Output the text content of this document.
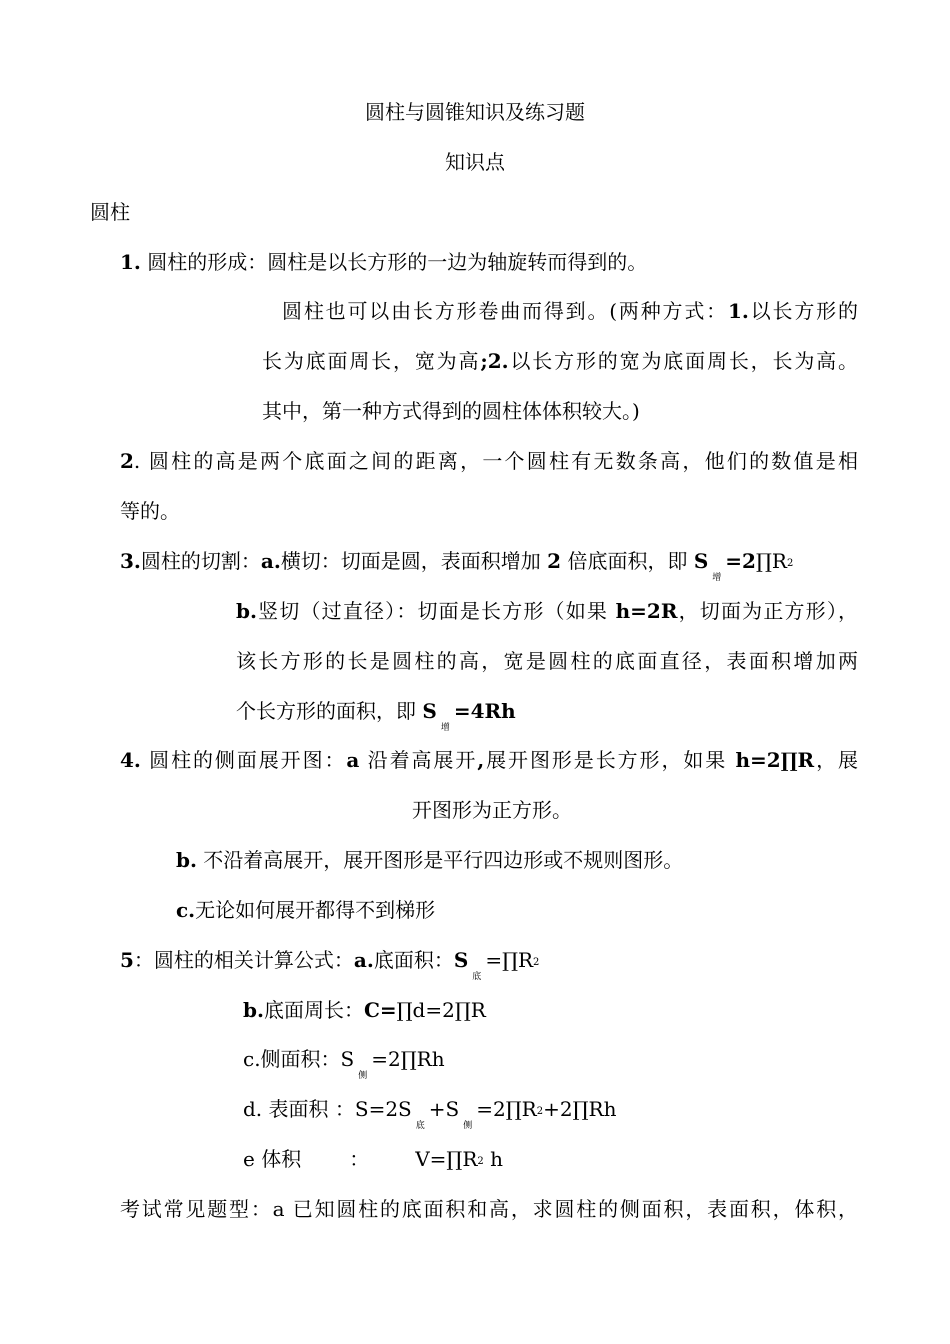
圆柱与圆锥知识及练习题
知识点
圆柱
1. 圆柱的形成：圆柱是以长方形的一边为轴旋转而得到的。
圆柱也可以由长方形卷曲而得到。(两种方式：1.以长方形的
长为底面周长，宽为高;2.以长方形的宽为底面周长，长为高。
其中，第一种方式得到的圆柱体体积较大。)
2. 圆柱的高是两个底面之间的距离，一个圆柱有无数条高，他们的数值是相
等的。
3.圆柱的切割：a.横切：切面是圆，表面积增加 2 倍底面积，即 $S_增=2\prod R2$
b.竖切（过直径）：切面是长方形（如果 h=2R，切面为正方形），
该长方形的长是圆柱的高，宽是圆柱的底面直径，表面积增加两
个长方形的面积，即 $S_增=4Rh$
4. 圆柱的侧面展开图：a 沿着高展开,展开图形是长方形，如果 h=2∏R，展
开图形为正方形。
b. 不沿着高展开，展开图形是平行四边形或不规则图形。
c.无论如何展开都得不到梯形
5：圆柱的相关计算公式：a.底面积：$S_底=\prod R2$
b.底面周长：C=∏d=2∏R
c.侧面积：$S_侧=2\prod Rh$
d. 表面积 ：$S=2S_底+S_侧=2\prod R2+2\prod Rh$
e 体积 ： V=∏R2 h
考试常见题型：a 已知圆柱的底面积和高，求圆柱的侧面积，表面积，体积，
